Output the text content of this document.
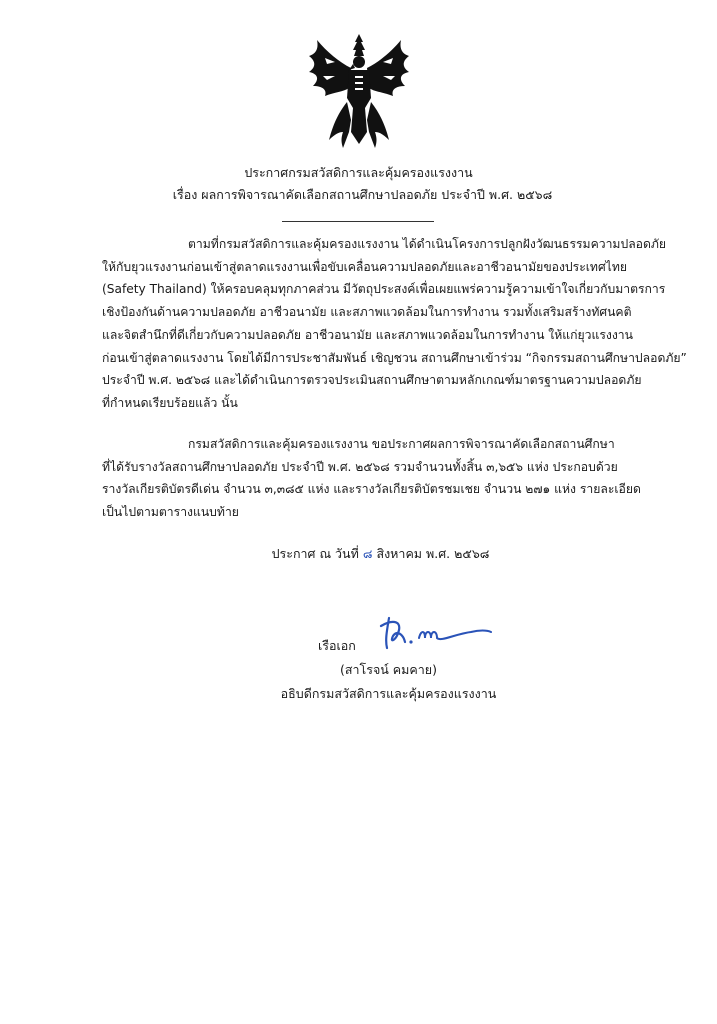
ประกาศกรมสวัสดิการและคุ้มครองแรงงาน
เรื่อง ผลการพิจารณาคัดเลือกสถานศึกษาปลอดภัย ประจำปี พ.ศ. ๒๕๖๘
ตามที่กรมสวัสดิการและคุ้มครองแรงงาน ได้ดำเนินโครงการปลูกฝังวัฒนธรรมความปลอดภัย
ให้กับยุวแรงงานก่อนเข้าสู่ตลาดแรงงานเพื่อขับเคลื่อนความปลอดภัยและอาชีวอนามัยของประเทศไทย
(Safety Thailand) ให้ครอบคลุมทุกภาคส่วน มีวัตถุประสงค์เพื่อเผยแพร่ความรู้ความเข้าใจเกี่ยวกับมาตรการ
เชิงป้องกันด้านความปลอดภัย อาชีวอนามัย และสภาพแวดล้อมในการทำงาน รวมทั้งเสริมสร้างทัศนคติ
และจิตสำนึกที่ดีเกี่ยวกับความปลอดภัย อาชีวอนามัย และสภาพแวดล้อมในการทำงาน ให้แก่ยุวแรงงาน
ก่อนเข้าสู่ตลาดแรงงาน โดยได้มีการประชาสัมพันธ์ เชิญชวน สถานศึกษาเข้าร่วม “กิจกรรมสถานศึกษาปลอดภัย”
ประจำปี พ.ศ. ๒๕๖๘ และได้ดำเนินการตรวจประเมินสถานศึกษาตามหลักเกณฑ์มาตรฐานความปลอดภัย
ที่กำหนดเรียบร้อยแล้ว นั้น
กรมสวัสดิการและคุ้มครองแรงงาน ขอประกาศผลการพิจารณาคัดเลือกสถานศึกษา
ที่ได้รับรางวัลสถานศึกษาปลอดภัย ประจำปี พ.ศ. ๒๕๖๘ รวมจำนวนทั้งสิ้น ๓,๖๕๖ แห่ง ประกอบด้วย
รางวัลเกียรติบัตรดีเด่น จำนวน ๓,๓๘๕ แห่ง และรางวัลเกียรติบัตรชมเชย จำนวน ๒๗๑ แห่ง รายละเอียด
เป็นไปตามตารางแนบท้าย
ประกาศ ณ วันที่ ๘ สิงหาคม พ.ศ. ๒๕๖๘
เรือเอก
(สาโรจน์ คมคาย)
อธิบดีกรมสวัสดิการและคุ้มครองแรงงาน
